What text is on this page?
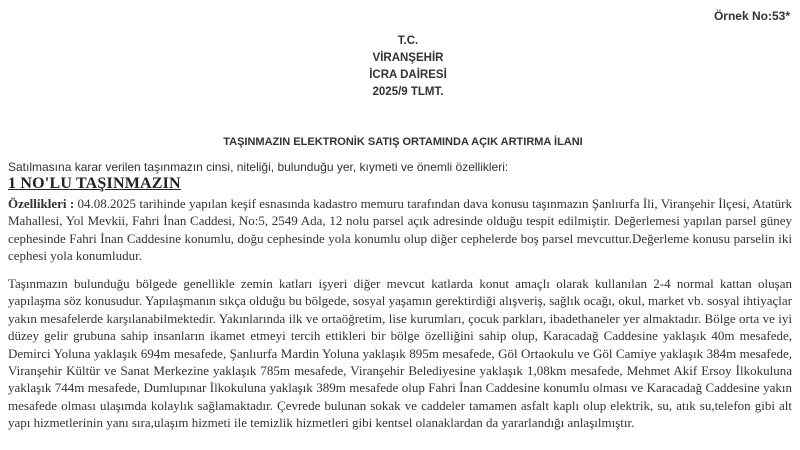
Örnek No:53*
T.C.
VİRANŞEHİR
İCRA DAİRESİ
2025/9 TLMT.
TAŞINMAZIN ELEKTRONİK SATIŞ ORTAMINDA AÇIK ARTIRMA İLANI
Satılmasına karar verilen taşınmazın cinsi, niteliği, bulunduğu yer, kıymeti ve önemli özellikleri:
1 NO'LU TAŞINMAZIN
Özellikleri : 04.08.2025 tarihinde yapılan keşif esnasında kadastro memuru tarafından dava konusu taşınmazın Şanlıurfa İli, Viranşehir İlçesi, Atatürk Mahallesi, Yol Mevkii, Fahri İnan Caddesi, No:5, 2549 Ada, 12 nolu parsel açık adresinde olduğu tespit edilmiştir. Değerlemesi yapılan parsel güney cephesinde Fahri İnan Caddesine konumlu, doğu cephesinde yola konumlu olup diğer cephelerde boş parsel mevcuttur.Değerleme konusu parselin iki cephesi yola konumludur.
Taşınmazın bulunduğu bölgede genellikle zemin katları işyeri diğer mevcut katlarda konut amaçlı olarak kullanılan 2-4 normal kattan oluşan yapılaşma söz konusudur. Yapılaşmanın sıkça olduğu bu bölgede, sosyal yaşamın gerektirdiği alışveriş, sağlık ocağı, okul, market vb. sosyal ihtiyaçlar yakın mesafelerde karşılanabilmektedir. Yakınlarında ilk ve ortaöğretim, lise kurumları, çocuk parkları, ibadethaneler yer almaktadır. Bölge orta ve iyi düzey gelir grubuna sahip insanların ikamet etmeyi tercih ettikleri bir bölge özelliğini sahip olup, Karacadağ Caddesine yaklaşık 40m mesafede, Demirci Yoluna yaklaşık 694m mesafede, Şanlıurfa Mardin Yoluna yaklaşık 895m mesafede, Göl Ortaokulu ve Göl Camiye yaklaşık 384m mesafede, Viranşehir Kültür ve Sanat Merkezine yaklaşık 785m mesafede, Viranşehir Belediyesine yaklaşık 1,08km mesafede, Mehmet Akif Ersoy İlkokuluna yaklaşık 744m mesafede, Dumlupınar İlkokuluna yaklaşık 389m mesafede olup Fahri İnan Caddesine konumlu olması ve Karacadağ Caddesine yakın mesafede olması ulaşımda kolaylık sağlamaktadır. Çevrede bulunan sokak ve caddeler tamamen asfalt kaplı olup elektrik, su, atık su,telefon gibi alt yapı hizmetlerinin yanı sıra,ulaşım hizmeti ile temizlik hizmetleri gibi kentsel olanaklardan da yararlandığı anlaşılmıştır.
